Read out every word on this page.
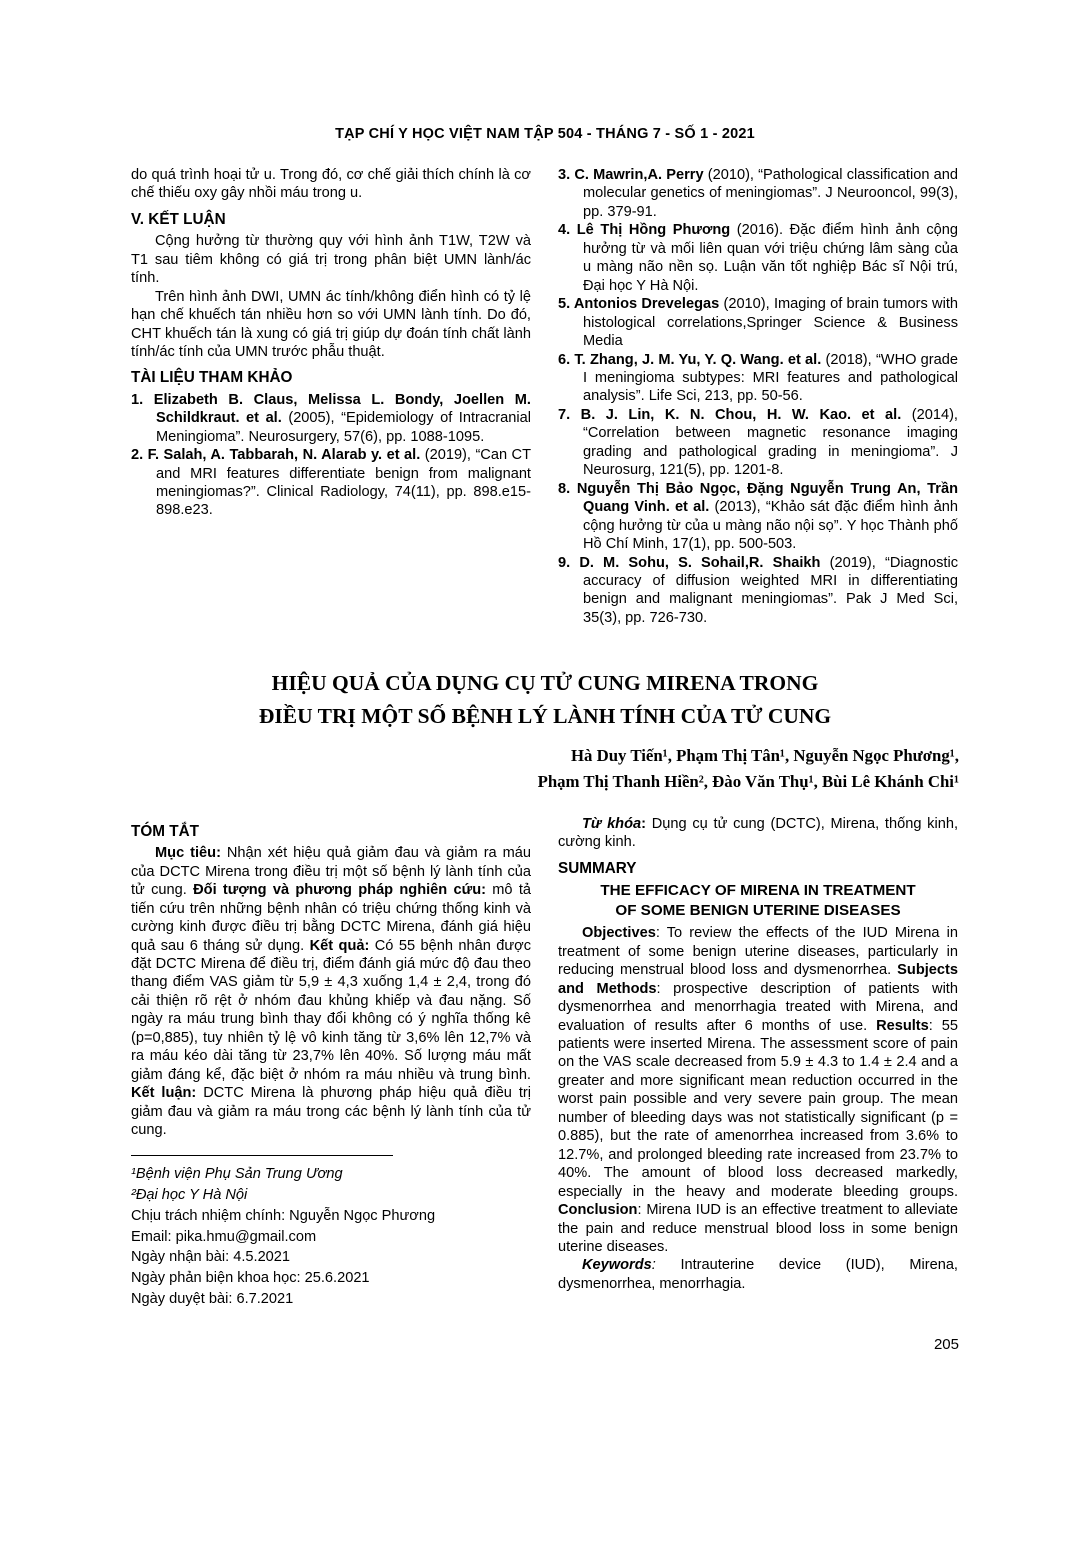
TẠP CHÍ Y HỌC VIỆT NAM TẬP 504 - THÁNG 7 - SỐ 1 - 2021

do quá trình hoại tử u. Trong đó, cơ chế giải thích chính là cơ chế thiếu oxy gây nhồi máu trong u.

V. KẾT LUẬN

Cộng hưởng từ thường quy với hình ảnh T1W, T2W và T1 sau tiêm không có giá trị trong phân biệt UMN lành/ác tính.

Trên hình ảnh DWI, UMN ác tính/không điển hình có tỷ lệ hạn chế khuếch tán nhiều hơn so với UMN lành tính. Do đó, CHT khuếch tán là xung có giá trị giúp dự đoán tính chất lành tính/ác tính của UMN trước phẫu thuật.

TÀI LIỆU THAM KHẢO
1. Elizabeth B. Claus, Melissa L. Bondy, Joellen M. Schildkraut. et al. (2005), “Epidemiology of Intracranial Meningioma”. Neurosurgery, 57(6), pp. 1088-1095.
2. F. Salah, A. Tabbarah, N. Alarab y. et al. (2019), “Can CT and MRI features differentiate benign from malignant meningiomas?”. Clinical Radiology, 74(11), pp. 898.e15-898.e23.
3. C. Mawrin,A. Perry (2010), “Pathological classification and molecular genetics of meningiomas”. J Neurooncol, 99(3), pp. 379-91.
4. Lê Thị Hồng Phương (2016). Đặc điểm hình ảnh cộng hưởng từ và mối liên quan với triệu chứng lâm sàng của u màng não nền sọ. Luận văn tốt nghiệp Bác sĩ Nội trú, Đại học Y Hà Nội.
5. Antonios Drevelegas (2010), Imaging of brain tumors with histological correlations,Springer Science & Business Media
6. T. Zhang, J. M. Yu, Y. Q. Wang. et al. (2018), “WHO grade I meningioma subtypes: MRI features and pathological analysis”. Life Sci, 213, pp. 50-56.
7. B. J. Lin, K. N. Chou, H. W. Kao. et al. (2014), “Correlation between magnetic resonance imaging grading and pathological grading in meningioma”. J Neurosurg, 121(5), pp. 1201-8.
8. Nguyễn Thị Bảo Ngọc, Đặng Nguyễn Trung An, Trần Quang Vinh. et al. (2013), “Khảo sát đặc điểm hình ảnh cộng hưởng từ của u màng não nội sọ”. Y học Thành phố Hồ Chí Minh, 17(1), pp. 500-503.
9. D. M. Sohu, S. Sohail,R. Shaikh (2019), “Diagnostic accuracy of diffusion weighted MRI in differentiating benign and malignant meningiomas”. Pak J Med Sci, 35(3), pp. 726-730.
HIỆU QUẢ CỦA DỤNG CỤ TỬ CUNG MIRENA TRONG
ĐIỀU TRỊ MỘT SỐ BỆNH LÝ LÀNH TÍNH CỦA TỬ CUNG
Hà Duy Tiến¹, Phạm Thị Tân¹, Nguyễn Ngọc Phương¹,
Phạm Thị Thanh Hiền², Đào Văn Thụ¹, Bùi Lê Khánh Chi¹
TÓM TẮT

Mục tiêu: Nhận xét hiệu quả giảm đau và giảm ra máu của DCTC Mirena trong điều trị một số bệnh lý lành tính của tử cung. Đối tượng và phương pháp nghiên cứu: mô tả tiến cứu trên những bệnh nhân có triệu chứng thống kinh và cường kinh được điều trị bằng DCTC Mirena, đánh giá hiệu quả sau 6 tháng sử dụng. Kết quả: Có 55 bệnh nhân được đặt DCTC Mirena để điều trị, điểm đánh giá mức độ đau theo thang điểm VAS giảm từ 5,9 ± 4,3 xuống 1,4 ± 2,4, trong đó cải thiện rõ rệt ở nhóm đau khủng khiếp và đau nặng. Số ngày ra máu trung bình thay đổi không có ý nghĩa thống kê (p=0,885), tuy nhiên tỷ lệ vô kinh tăng từ 3,6% lên 12,7% và ra máu kéo dài tăng từ 23,7% lên 40%. Số lượng máu mất giảm đáng kể, đặc biệt ở nhóm ra máu nhiều và trung bình. Kết luận: DCTC Mirena là phương pháp hiệu quả điều trị giảm đau và giảm ra máu trong các bệnh lý lành tính của tử cung.

¹Bệnh viện Phụ Sản Trung Ương
²Đại học Y Hà Nội
Chịu trách nhiệm chính: Nguyễn Ngọc Phương
Email: pika.hmu@gmail.com
Ngày nhận bài: 4.5.2021
Ngày phản biện khoa học: 25.6.2021
Ngày duyệt bài: 6.7.2021

Từ khóa: Dụng cụ tử cung (DCTC), Mirena, thống kinh, cường kinh.

SUMMARY
THE EFFICACY OF MIRENA IN TREATMENT
OF SOME BENIGN UTERINE DISEASES

Objectives: To review the effects of the IUD Mirena in treatment of some benign uterine diseases, particularly in reducing menstrual blood loss and dysmenorrhea. Subjects and Methods: prospective description of patients with dysmenorrhea and menorrhagia treated with Mirena, and evaluation of results after 6 months of use. Results: 55 patients were inserted Mirena. The assessment score of pain on the VAS scale decreased from 5.9 ± 4.3 to 1.4 ± 2.4 and a greater and more significant mean reduction occurred in the worst pain possible and very severe pain group. The mean number of bleeding days was not statistically significant (p = 0.885), but the rate of amenorrhea increased from 3.6% to 12.7%, and prolonged bleeding rate increased from 23.7% to 40%. The amount of blood loss decreased markedly, especially in the heavy and moderate bleeding groups. Conclusion: Mirena IUD is an effective treatment to alleviate the pain and reduce menstrual blood loss in some benign uterine diseases.

Keywords: Intrauterine device (IUD), Mirena, dysmenorrhea, menorrhagia.

205
